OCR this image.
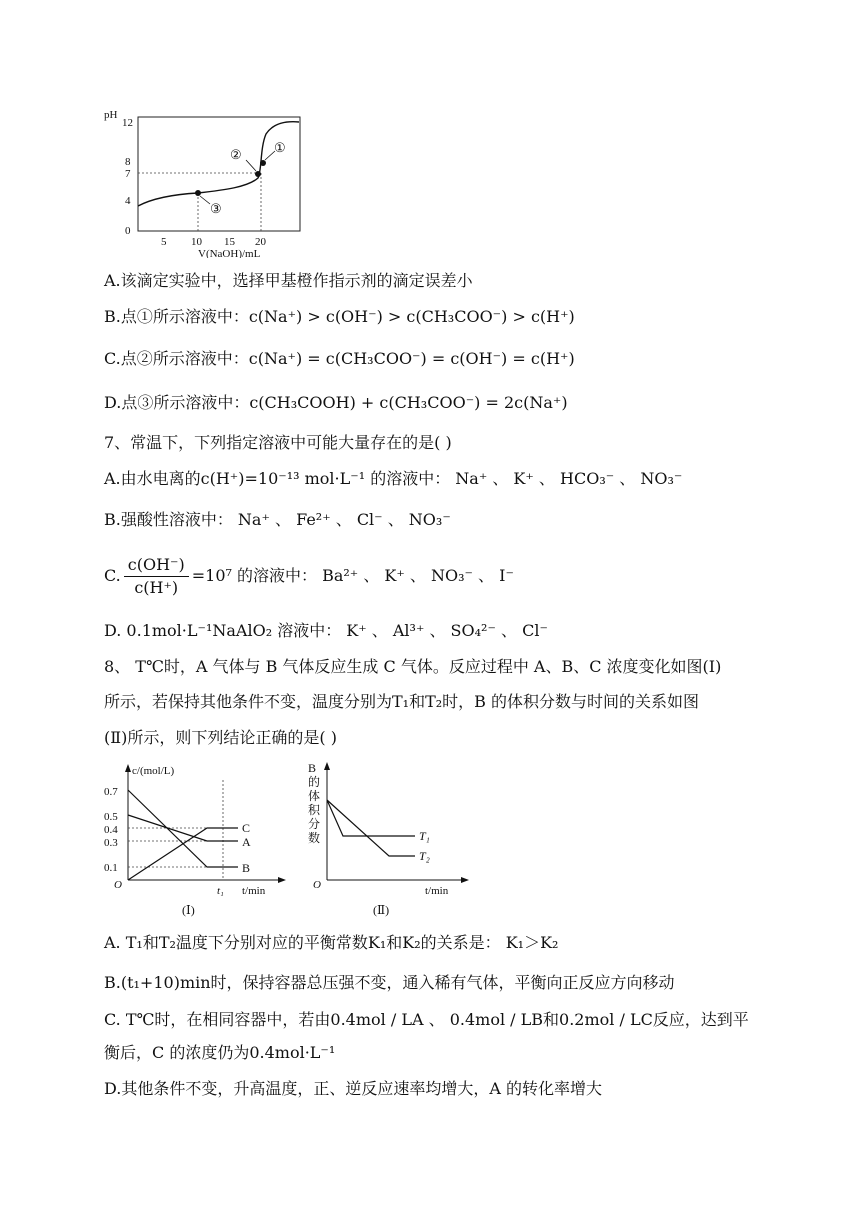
pH
12
8
7
4
0
①
②
③
5 10 15 20
V(NaOH)/mL
A.该滴定实验中，选择甲基橙作指示剂的滴定误差小
B.点①所示溶液中：c(Na⁺) > c(OH⁻) > c(CH₃COO⁻) > c(H⁺)
C.点②所示溶液中：c(Na⁺) = c(CH₃COO⁻) = c(OH⁻) = c(H⁺)
D.点③所示溶液中：c(CH₃COOH) + c(CH₃COO⁻) = 2c(Na⁺)
7、常温下，下列指定溶液中可能大量存在的是( )
A.由水电离的c(H⁺)=10⁻¹³ mol·L⁻¹ 的溶液中： Na⁺ 、 K⁺ 、 HCO₃⁻ 、 NO₃⁻
B.强酸性溶液中： Na⁺ 、 Fe²⁺ 、 Cl⁻ 、 NO₃⁻
C. $\frac{c(OH^-)}{c(H^+)} =10^7$ 的溶液中： Ba²⁺ 、 K⁺ 、 NO₃⁻ 、 I⁻
D. 0.1mol·L⁻¹NaAlO₂ 溶液中： K⁺ 、 Al³⁺ 、 SO₄²⁻ 、 Cl⁻
8、 T℃时，A 气体与 B 气体反应生成 C 气体。反应过程中 A、B、C 浓度变化如图(Ⅰ)
所示，若保持其他条件不变，温度分别为T₁和T₂时，B 的体积分数与时间的关系如图
(Ⅱ)所示，则下列结论正确的是( )
c/(mol/L)
O
0.7
0.5
0.4
0.3
0.1
C
A
B
t₁ t/min
(Ⅰ)
B
的
体
积
分
数	T₁
T₂
O	t/min
(Ⅱ)
A. T₁和T₂温度下分别对应的平衡常数K₁和K₂的关系是： K₁＞K₂
B.(t₁+10)min时，保持容器总压强不变，通入稀有气体，平衡向正反应方向移动
C. T℃时，在相同容器中，若由0.4mol / LA 、 0.4mol / LB和0.2mol / LC反应，达到平
衡后，C 的浓度仍为0.4mol·L⁻¹
D.其他条件不变，升高温度，正、逆反应速率均增大，A 的转化率增大
